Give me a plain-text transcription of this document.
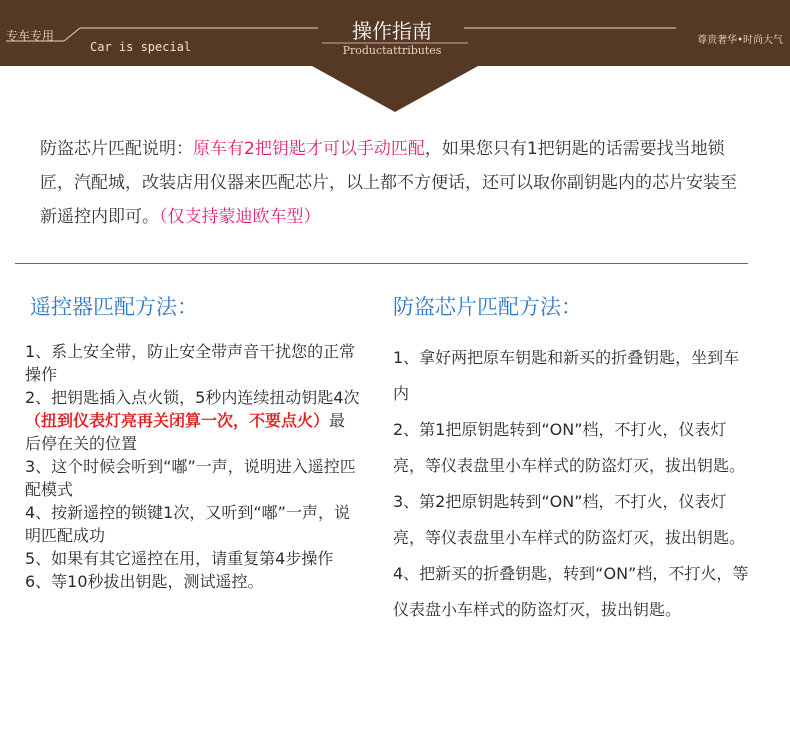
专车专用
Car is special
操作指南
Productattributes
尊贵奢华•时尚大气
防盗芯片匹配说明：原车有2把钥匙才可以手动匹配，如果您只有1把钥匙的话需要找当地锁匠，汽配城，改装店用仪器来匹配芯片，以上都不方便话，还可以取你副钥匙内的芯片安装至新遥控内即可。（仅支持蒙迪欧车型）
遥控器匹配方法：	防盗芯片匹配方法：

1、系上安全带，防止安全带声音干扰您的正常操作

2、把钥匙插入点火锁，5秒内连续扭动钥匙4次（扭到仪表灯亮再关闭算一次，不要点火）最后停在关的位置

3、这个时候会听到“嘟”一声，说明进入遥控匹配模式

4、按新遥控的锁键1次，又听到“嘟”一声，说明匹配成功

5、如果有其它遥控在用，请重复第4步操作

6、等10秒拔出钥匙，测试遥控。

1、拿好两把原车钥匙和新买的折叠钥匙，坐到车内

2、第1把原钥匙转到“ON”档，不打火，仪表灯亮，等仪表盘里小车样式的防盗灯灭，拔出钥匙。

3、第2把原钥匙转到“ON”档，不打火，仪表灯亮，等仪表盘里小车样式的防盗灯灭，拔出钥匙。

4、把新买的折叠钥匙，转到“ON”档，不打火，等仪表盘小车样式的防盗灯灭，拔出钥匙。
